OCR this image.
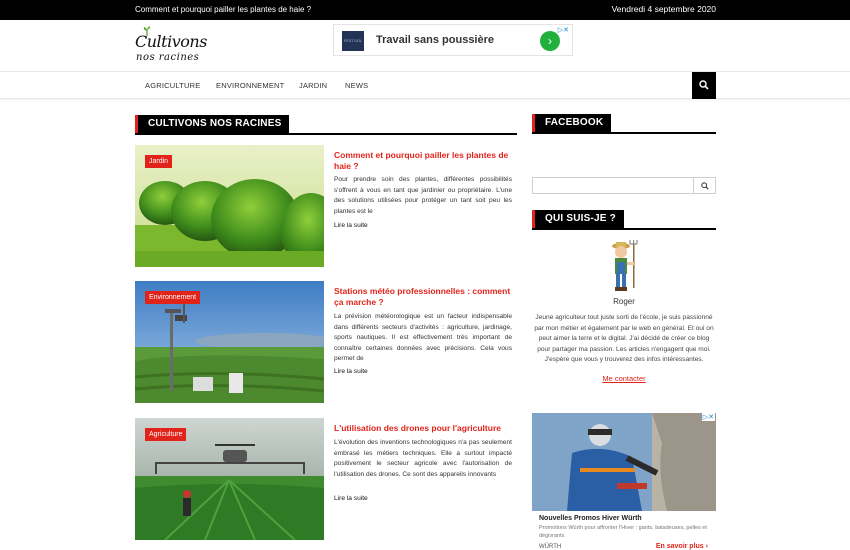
Comment et pourquoi pailler les plantes de haie ?	Vendredi 4 septembre 2020
Cultivons
nos racines
FESTOOL Travail sans poussière	›
▷✕
AGRICULTURE ENVIRONNEMENT JARDIN NEWS
CULTIVONS NOS RACINES
Jardin
Comment et pourquoi pailler les plantes de haie ?
Pour prendre soin des plantes, différentes possibilités s'offrent à vous en tant que jardinier ou propriétaire. L'une des solutions utilisées pour protéger un tant soit peu les plantes est le
Lire la suite
Environnement
Stations météo professionnelles : comment ça marche ?
La prévision météorologique est un facteur indispensable dans différents secteurs d'activités : agriculture, jardinage, sports nautiques. Il est effectivement très important de connaître certaines données avec précisions. Cela vous permet de
Lire la suite
Agriculture
L'utilisation des drones pour l'agriculture
L'évolution des inventions technologiques n'a pas seulement embrasé les métiers techniques. Elle a surtout impacté positivement le secteur agricole avec l'autorisation de l'utilisation des drones. Ce sont des appareils innovants
Lire la suite
FACEBOOK
QUI SUIS-JE ?
Roger
Jeune agriculteur tout juste sorti de l'école, je suis passionné par mon métier et également par le web en général. Et oui on peut aimer la terre et le digital. J'ai décidé de créer ce blog pour partager ma passion. Les articles n'engagent que moi. J'espère que vous y trouverez des infos intéressantes.
Me contacter
▷✕
Nouvelles Promos Hiver Würth
Promotions Würth pour affronter l'Hiver : gants, baladeuses, pelles et dégivrants
WÜRTH	En savoir plus ›
